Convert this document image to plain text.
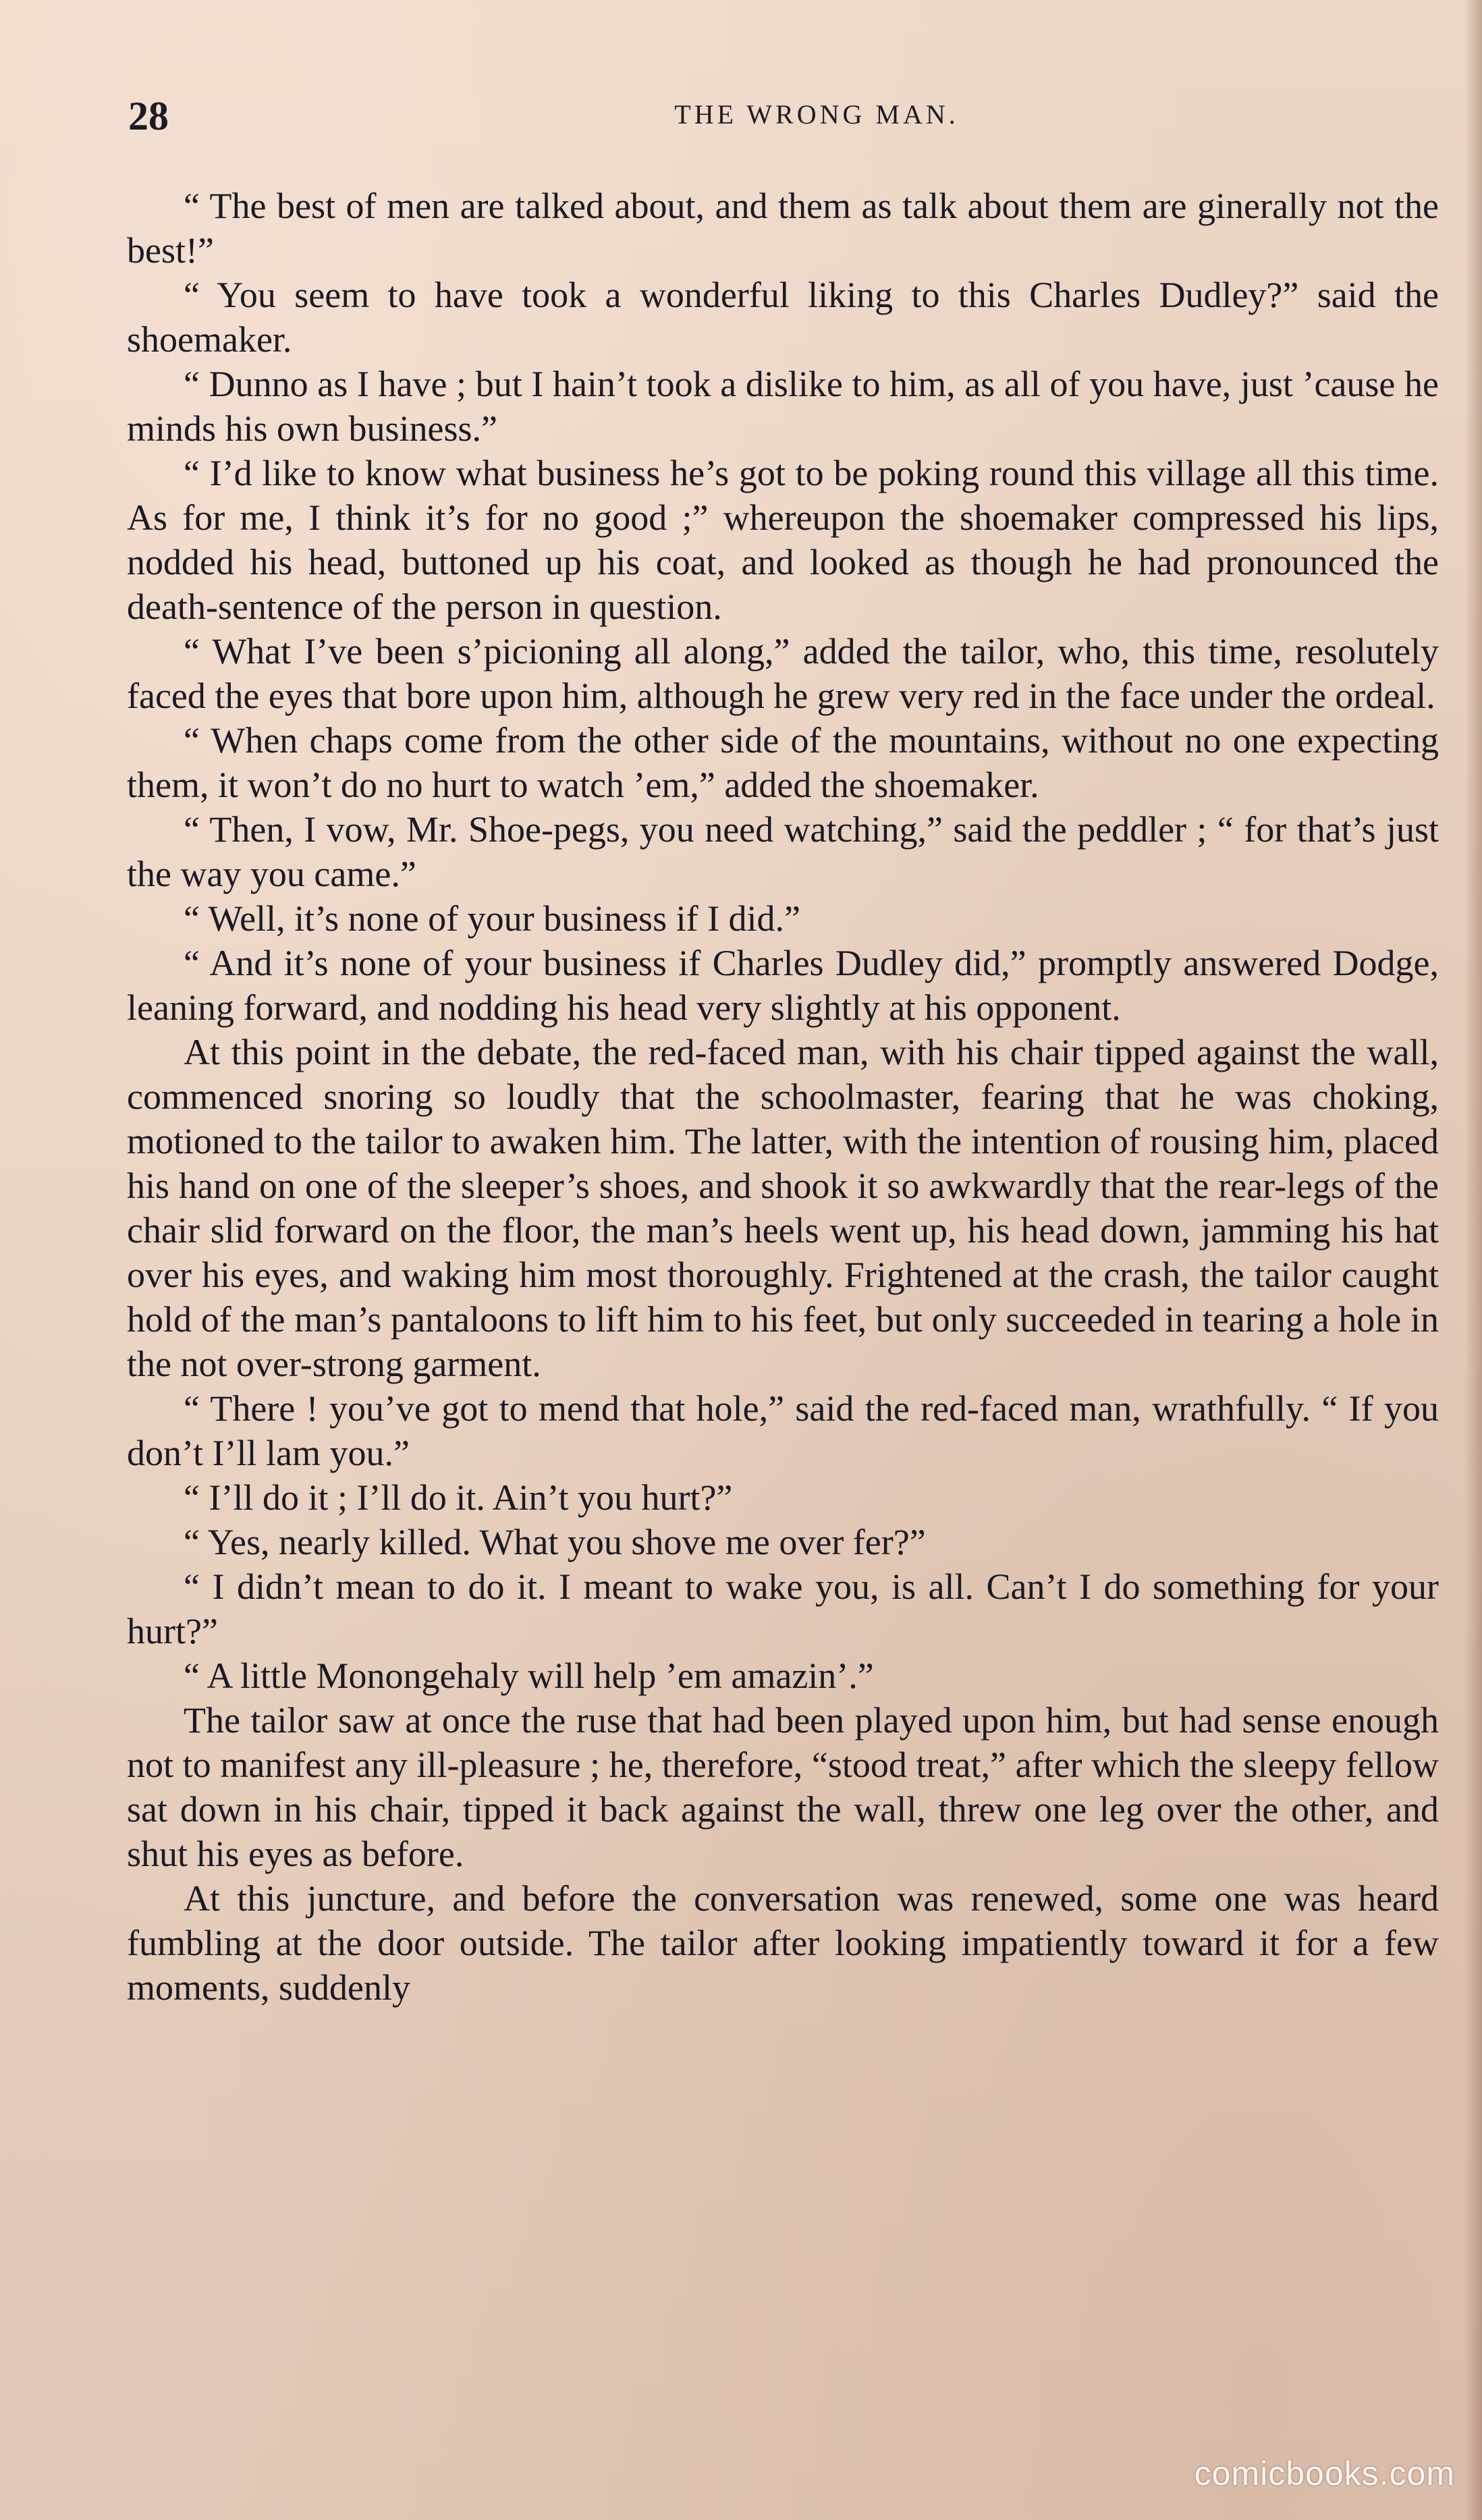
28	THE WRONG MAN.

“ The best of men are talked about, and them as talk about them are ginerally not the best!”

“ You seem to have took a wonderful liking to this Charles Dudley?” said the shoemaker.

“ Dunno as I have ; but I hain’t took a dislike to him, as all of you have, just ’cause he minds his own business.”

“ I’d like to know what business he’s got to be poking round this village all this time. As for me, I think it’s for no good ;” whereupon the shoemaker compressed his lips, nodded his head, buttoned up his coat, and looked as though he had pronounced the death-sentence of the person in question.

“ What I’ve been s’picioning all along,” added the tailor, who, this time, resolutely faced the eyes that bore upon him, although he grew very red in the face under the ordeal.

“ When chaps come from the other side of the mountains, without no one expecting them, it won’t do no hurt to watch ’em,” added the shoemaker.

“ Then, I vow, Mr. Shoe-pegs, you need watching,” said the peddler ; “ for that’s just the way you came.”

“ Well, it’s none of your business if I did.”

“ And it’s none of your business if Charles Dudley did,” promptly answered Dodge, leaning forward, and nodding his head very slightly at his opponent.

At this point in the debate, the red-faced man, with his chair tipped against the wall, commenced snoring so loudly that the schoolmaster, fearing that he was choking, motioned to the tailor to awaken him. The latter, with the intention of rousing him, placed his hand on one of the sleeper’s shoes, and shook it so awkwardly that the rear-legs of the chair slid forward on the floor, the man’s heels went up, his head down, jamming his hat over his eyes, and waking him most thoroughly. Frightened at the crash, the tailor caught hold of the man’s pantaloons to lift him to his feet, but only succeeded in tearing a hole in the not over-strong garment.

“ There ! you’ve got to mend that hole,” said the red-faced man, wrathfully. “ If you don’t I’ll lam you.”

“ I’ll do it ; I’ll do it. Ain’t you hurt?”

“ Yes, nearly killed. What you shove me over fer?”

“ I didn’t mean to do it. I meant to wake you, is all. Can’t I do something for your hurt?”

“ A little Monongehaly will help ’em amazin’.”

The tailor saw at once the ruse that had been played upon him, but had sense enough not to manifest any ill-pleasure ; he, therefore, “stood treat,” after which the sleepy fellow sat down in his chair, tipped it back against the wall, threw one leg over the other, and shut his eyes as before.

At this juncture, and before the conversation was renewed, some one was heard fumbling at the door outside. The tailor after looking impatiently toward it for a few moments, suddenly

comicbooks.com
